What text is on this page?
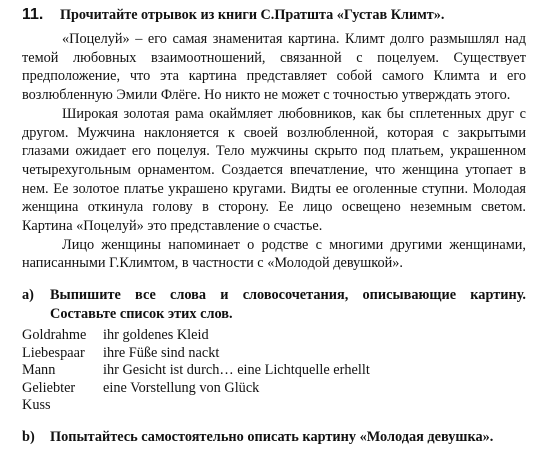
11.	Прочитайте отрывок из книги С.Пратшта «Густав Климт».

«Поцелуй» – его самая знаменитая картина. Климт долго размышлял над темой любовных взаимоотношений, связанной с поцелуем. Существует предположение, что эта картина представляет собой самого Климта и его возлюбленную Эмили Флёге. Но никто не может с точностью утверждать этого.

Широкая золотая рама окаймляет любовников, как бы сплетенных друг с другом. Мужчина наклоняется к своей возлюбленной, которая с закрытыми глазами ожидает его поцелуя. Тело мужчины скрыто под платьем, украшенном четырехугольным орнаментом. Создается впечатление, что женщина утопает в нем. Ее золотое платье украшено кругами. Видты ее оголенные ступни. Молодая женщина откинула голову в сторону. Ее лицо освещено неземным светом. Картина «Поцелуй» это представление о счастье.

Лицо женщины напоминает о родстве с многими другими женщинами, написанными Г.Климтом, в частности с «Молодой девушкой».

a)	Выпишите все слова и словосочетания, описывающие картину. Составьте список этих слов.
Goldrahme	ihr goldenes Kleid
Liebespaar	ihre Füße sind nackt
Mann	ihr Gesicht ist durch… eine Lichtquelle erhellt
Geliebter	eine Vorstellung von Glück
Kuss
b)	Попытайтесь самостоятельно описать картину «Молодая девушка».
